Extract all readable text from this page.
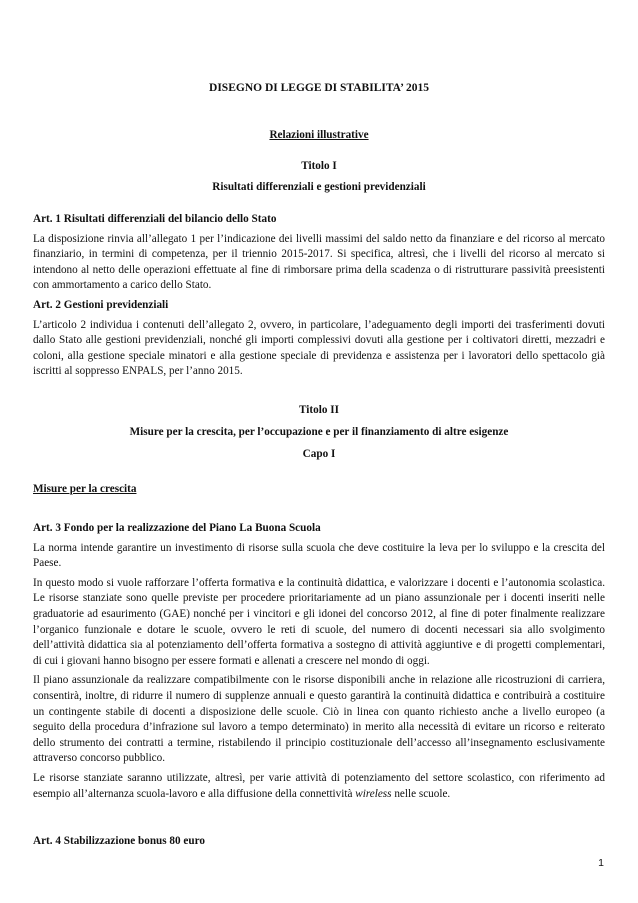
DISEGNO DI LEGGE DI STABILITA’ 2015
Relazioni illustrative
Titolo I
Risultati differenziali e gestioni previdenziali
Titolo II
Misure per la crescita, per l’occupazione e per il finanziamento di altre esigenze
Capo I

Art. 1 Risultati differenziali del bilancio dello Stato

La disposizione rinvia all’allegato 1 per l’indicazione dei livelli massimi del saldo netto da finanziare e del ricorso al mercato finanziario, in termini di competenza, per il triennio 2015-2017. Si specifica, altresì, che i livelli del ricorso al mercato si intendono al netto delle operazioni effettuate al fine di rimborsare prima della scadenza o di ristrutturare passività preesistenti con ammortamento a carico dello Stato.

Art. 2 Gestioni previdenziali

L’articolo 2 individua i contenuti dell’allegato 2, ovvero, in particolare, l’adeguamento degli importi dei trasferimenti dovuti dallo Stato alle gestioni previdenziali, nonché gli importi complessivi dovuti alla gestione per i coltivatori diretti, mezzadri e coloni, alla gestione speciale minatori e alla gestione speciale di previdenza e assistenza per i lavoratori dello spettacolo già iscritti al soppresso ENPALS, per l’anno 2015.

Misure per la crescita

Art. 3 Fondo per la realizzazione del Piano La Buona Scuola

La norma intende garantire un investimento di risorse sulla scuola che deve costituire la leva per lo sviluppo e la crescita del Paese.

In questo modo si vuole rafforzare l’offerta formativa e la continuità didattica, e valorizzare i docenti e l’autonomia scolastica. Le risorse stanziate sono quelle previste per procedere prioritariamente ad un piano assunzionale per i docenti inseriti nelle graduatorie ad esaurimento (GAE) nonché per i vincitori e gli idonei del concorso 2012, al fine di poter finalmente realizzare l’organico funzionale e dotare le scuole, ovvero le reti di scuole, del numero di docenti necessari sia allo svolgimento dell’attività didattica sia al potenziamento dell’offerta formativa a sostegno di attività aggiuntive e di progetti complementari, di cui i giovani hanno bisogno per essere formati e allenati a crescere nel mondo di oggi.

Il piano assunzionale da realizzare compatibilmente con le risorse disponibili anche in relazione alle ricostruzioni di carriera, consentirà, inoltre, di ridurre il numero di supplenze annuali e questo garantirà la continuità didattica e contribuirà a costituire un contingente stabile di docenti a disposizione delle scuole. Ciò in linea con quanto richiesto anche a livello europeo (a seguito della procedura d’infrazione sul lavoro a tempo determinato) in merito alla necessità di evitare un ricorso e reiterato dello strumento dei contratti a termine, ristabilendo il principio costituzionale dell’accesso all’insegnamento esclusivamente attraverso concorso pubblico.

Le risorse stanziate saranno utilizzate, altresì, per varie attività di potenziamento del settore scolastico, con riferimento ad esempio all’alternanza scuola-lavoro e alla diffusione della connettività wireless nelle scuole.

Art. 4 Stabilizzazione bonus 80 euro

1
